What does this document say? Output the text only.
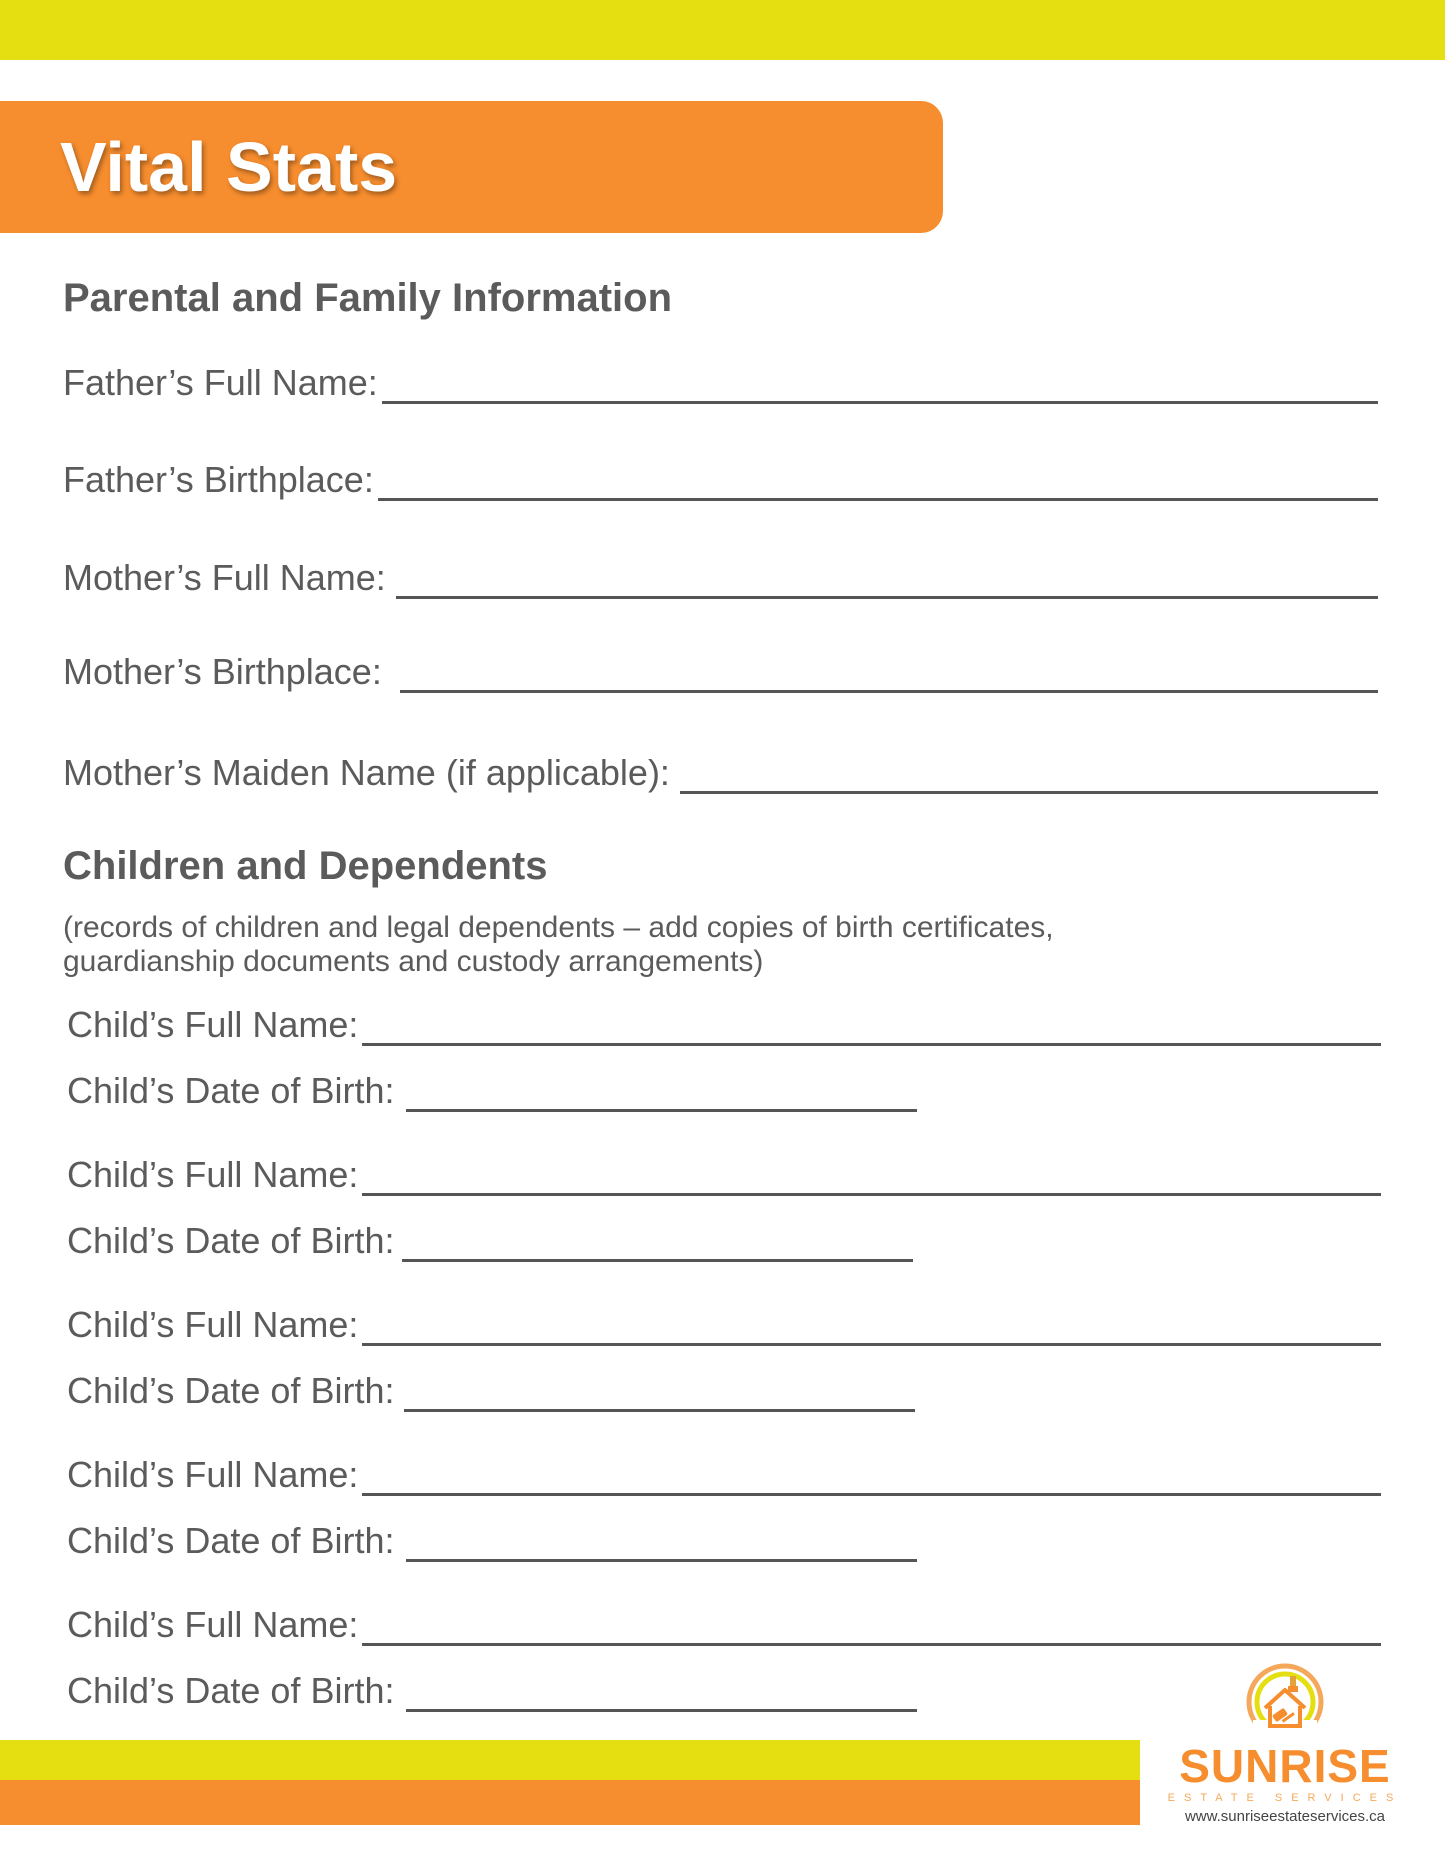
Vital Stats
Parental and Family Information
Father’s Full Name:
Father’s Birthplace:
Mother’s Full Name:
Mother’s Birthplace:
Mother’s Maiden Name (if applicable):
Children and Dependents

(records of children and legal dependents – add copies of birth certificates,
guardianship documents and custody arrangements)

Child’s Full Name:
Child’s Date of Birth:
Child’s Full Name:
Child’s Date of Birth:
Child’s Full Name:
Child’s Date of Birth:
Child’s Full Name:
Child’s Date of Birth:
Child’s Full Name:
Child’s Date of Birth:
SUNRISE
ESTATE SERVICES
www.sunriseestateservices.ca
